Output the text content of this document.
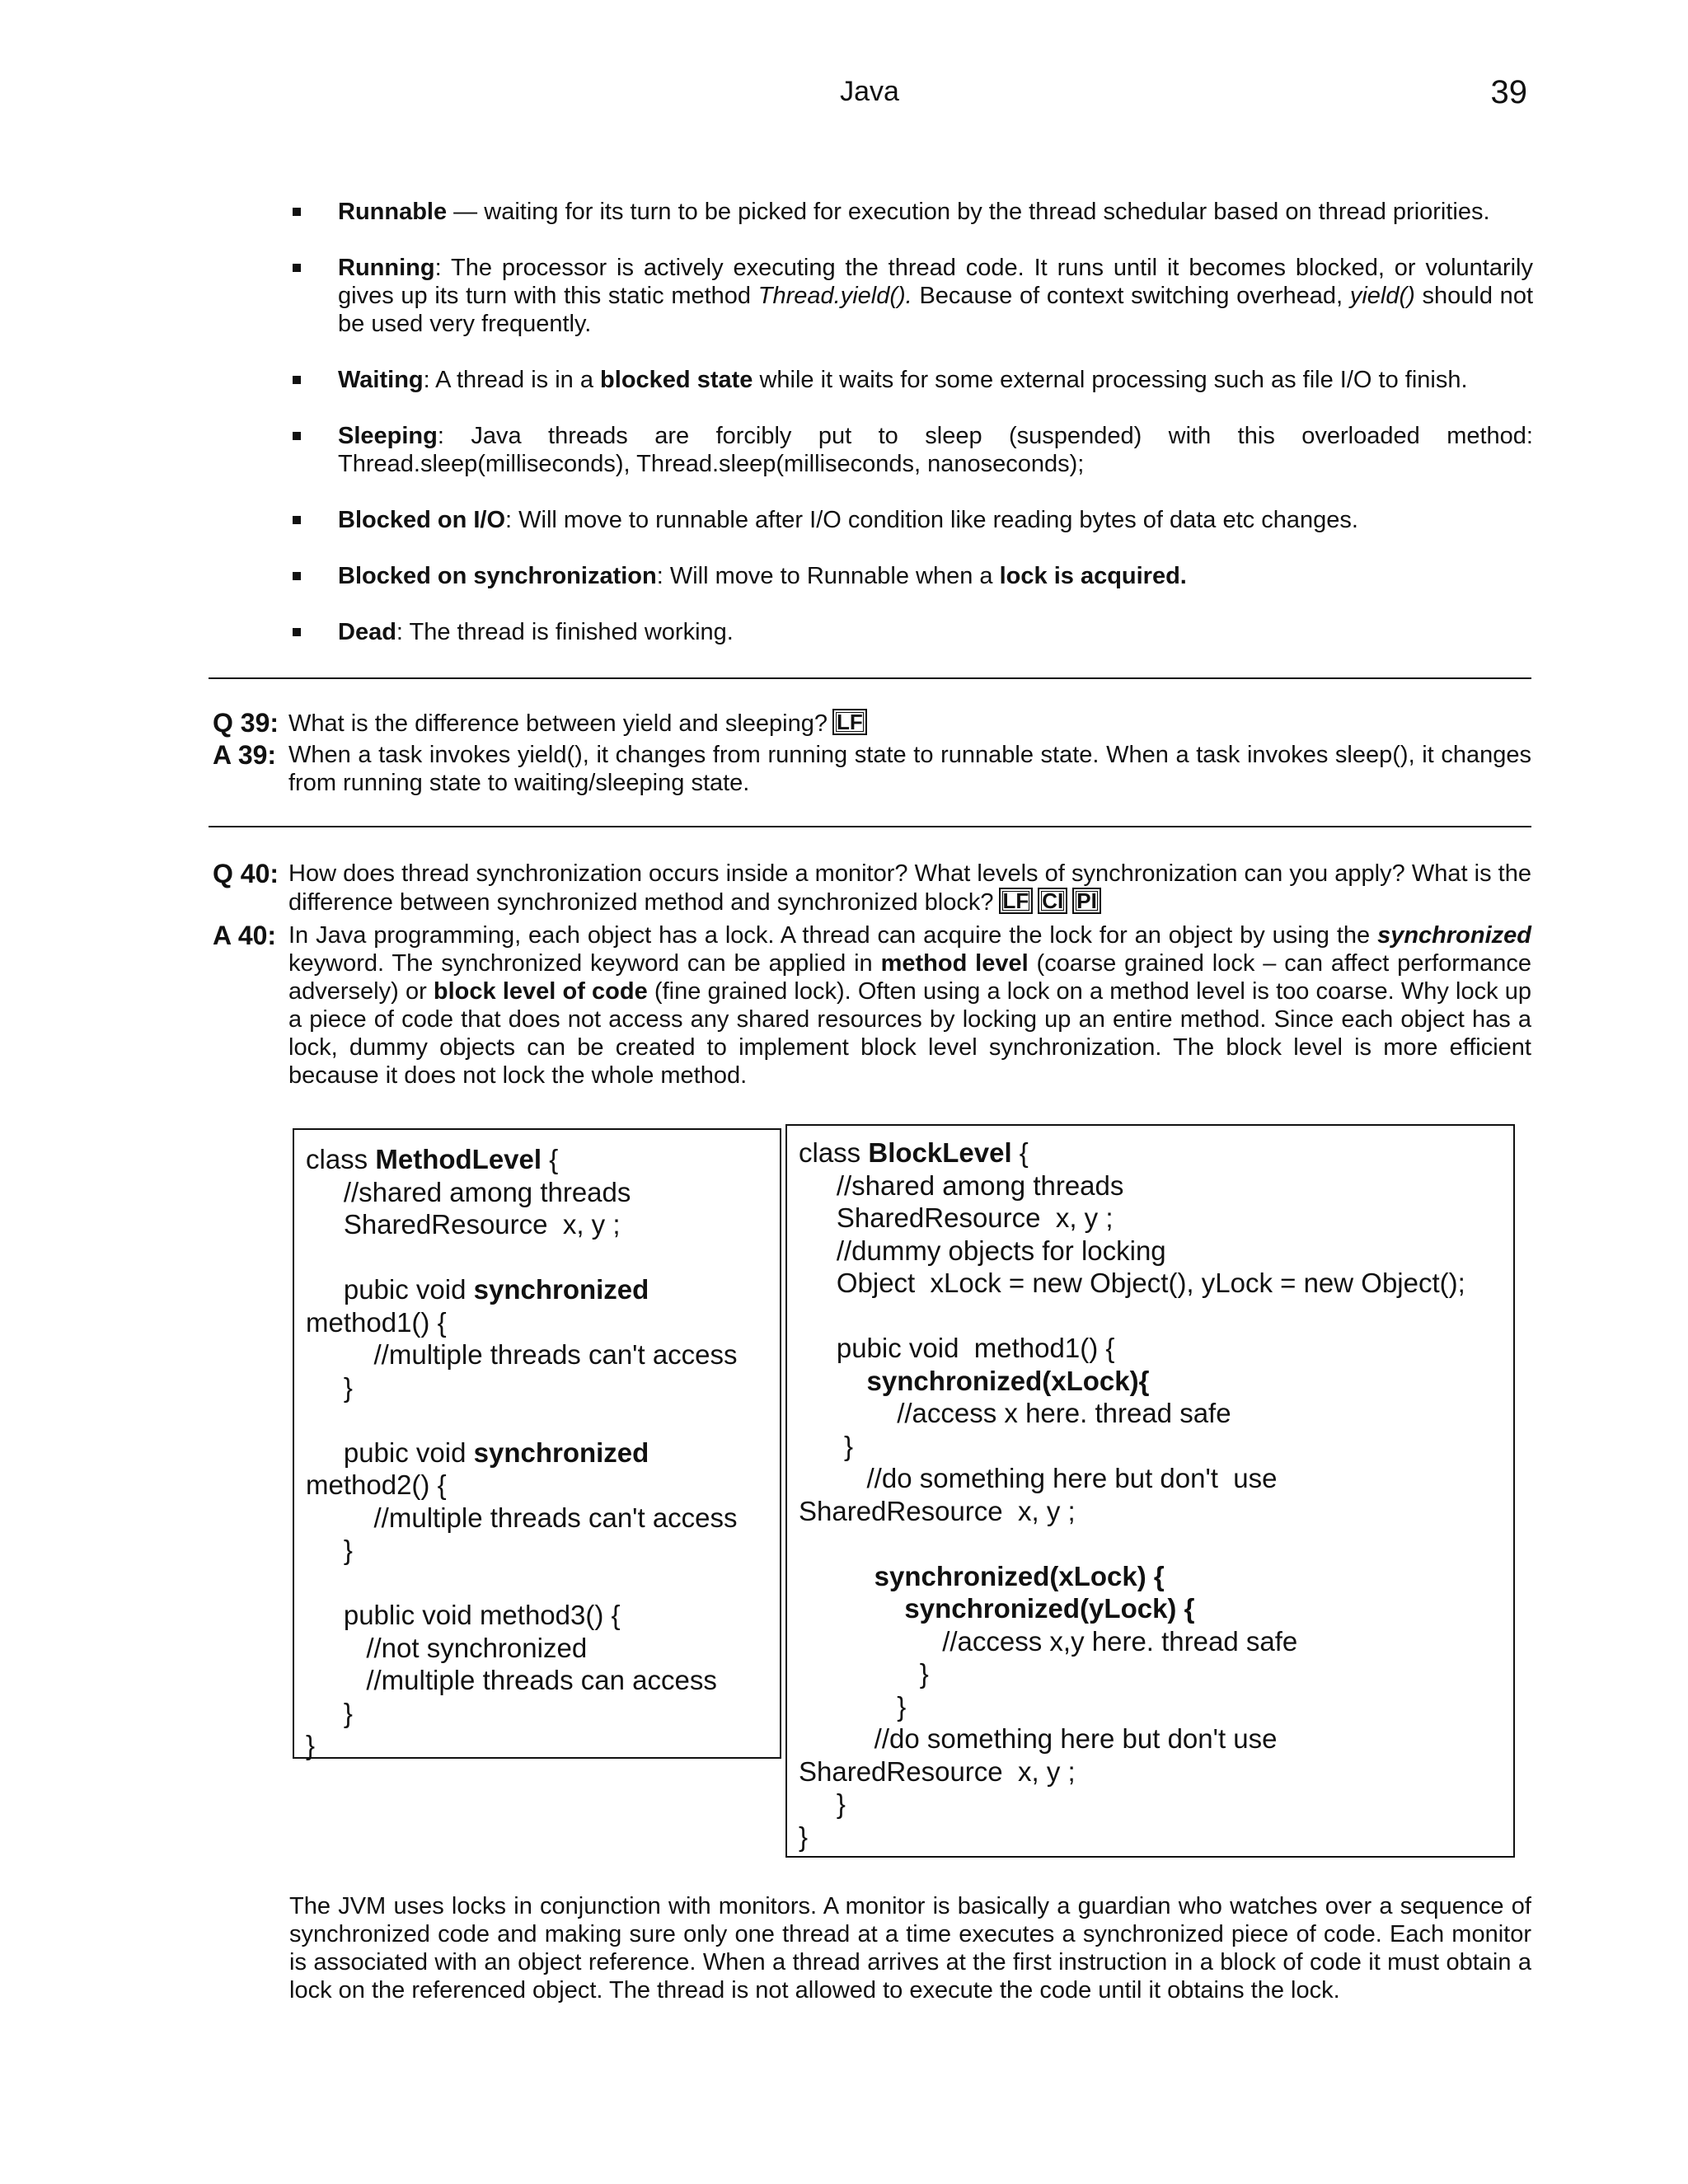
Java	39
Runnable — waiting for its turn to be picked for execution by the thread schedular based on thread priorities.
Running: The processor is actively executing the thread code. It runs until it becomes blocked, or voluntarily gives up its turn with this static method Thread.yield(). Because of context switching overhead, yield() should not be used very frequently.
Waiting: A thread is in a blocked state while it waits for some external processing such as file I/O to finish.
Sleeping: Java threads are forcibly put to sleep (suspended) with this overloaded method: Thread.sleep(milliseconds), Thread.sleep(milliseconds, nanoseconds);
Blocked on I/O: Will move to runnable after I/O condition like reading bytes of data etc changes.
Blocked on synchronization: Will move to Runnable when a lock is acquired.
Dead: The thread is finished working.
Q 39: What is the difference between yield and sleeping? LF
A 39: When a task invokes yield(), it changes from running state to runnable state. When a task invokes sleep(), it changes from running state to waiting/sleeping state.
Q 40: How does thread synchronization occurs inside a monitor? What levels of synchronization can you apply? What is the difference between synchronized method and synchronized block? LF CI PI
A 40: In Java programming, each object has a lock. A thread can acquire the lock for an object by using the synchronized keyword. The synchronized keyword can be applied in method level (coarse grained lock – can affect performance adversely) or block level of code (fine grained lock). Often using a lock on a method level is too coarse. Why lock up a piece of code that does not access any shared resources by locking up an entire method. Since each object has a lock, dummy objects can be created to implement block level synchronization. The block level is more efficient because it does not lock the whole method.
class MethodLevel {
//shared among threads
SharedResource  x, y ;
pubic void synchronized
method1() {
//multiple threads can't access
}
pubic void synchronized
method2() {
//multiple threads can't access
}
public void method3() {
//not synchronized
//multiple threads can access
}
}
class BlockLevel {
//shared among threads
SharedResource  x, y ;
//dummy objects for locking
Object  xLock = new Object(), yLock = new Object();
pubic void  method1() {
synchronized(xLock){
//access x here. thread safe
}
//do something here but don't  use
SharedResource  x, y ;
synchronized(xLock) {
synchronized(yLock) {
//access x,y here. thread safe
}
}
//do something here but don't use
SharedResource  x, y ;
}
}

The JVM uses locks in conjunction with monitors. A monitor is basically a guardian who watches over a sequence of synchronized code and making sure only one thread at a time executes a synchronized piece of code. Each monitor is associated with an object reference. When a thread arrives at the first instruction in a block of code it must obtain a lock on the referenced object. The thread is not allowed to execute the code until it obtains the lock.
